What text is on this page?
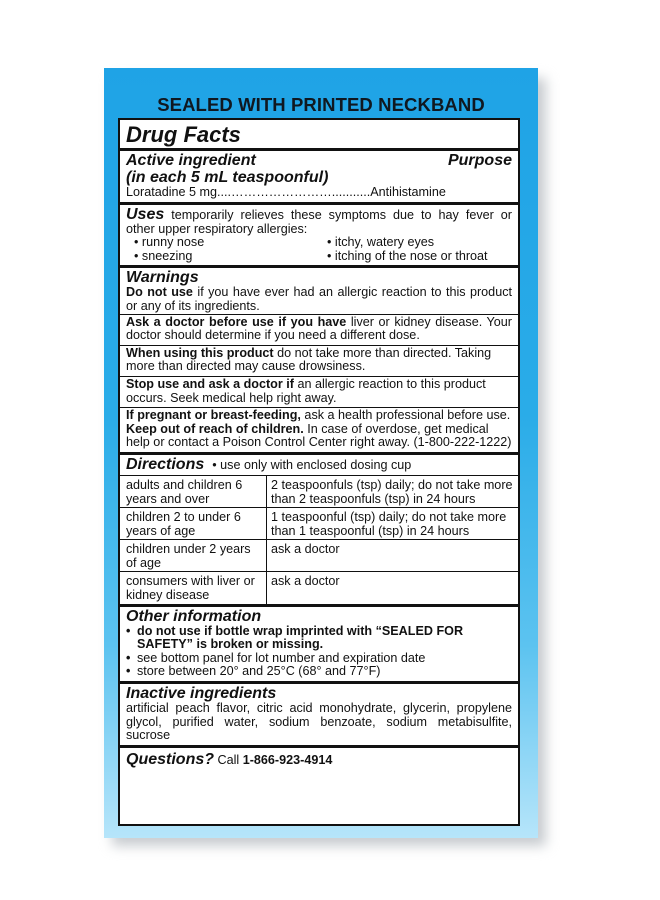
SEALED WITH PRINTED NECKBAND
Drug Facts
Active ingredient	Purpose
(in each 5 mL teaspoonful)
Loratadine 5 mg....……………………...........Antihistamine
Uses temporarily relieves these symptoms due to hay fever or other upper respiratory allergies:
• runny nose	• itchy, watery eyes
• sneezing	• itching of the nose or throat
Warnings
Do not use if you have ever had an allergic reaction to this product or any of its ingredients.
Ask a doctor before use if you have liver or kidney disease. Your doctor should determine if you need a different dose.
When using this product do not take more than directed. Taking more than directed may cause drowsiness.
Stop use and ask a doctor if an allergic reaction to this product occurs. Seek medical help right away.
If pregnant or breast-feeding, ask a health professional before use.
Keep out of reach of children. In case of overdose, get medical help or contact a Poison Control Center right away. (1-800-222-1222)
Directions • use only with enclosed dosing cup
adults and children 6 years and over	2 teaspoonfuls (tsp) daily; do not take more than 2 teaspoonfuls (tsp) in 24 hours
children 2 to under 6 years of age	1 teaspoonful (tsp) daily; do not take more than 1 teaspoonful (tsp) in 24 hours
children under 2 years of age	ask a doctor
consumers with liver or kidney disease	ask a doctor
Other information
• do not use if bottle wrap imprinted with “SEALED FOR SAFETY” is broken or missing.
• see bottom panel for lot number and expiration date
• store between 20° and 25°C (68° and 77°F)
Inactive ingredients
artificial peach flavor, citric acid monohydrate, glycerin, propylene glycol, purified water, sodium benzoate, sodium metabisulfite, sucrose
Questions? Call 1-866-923-4914
